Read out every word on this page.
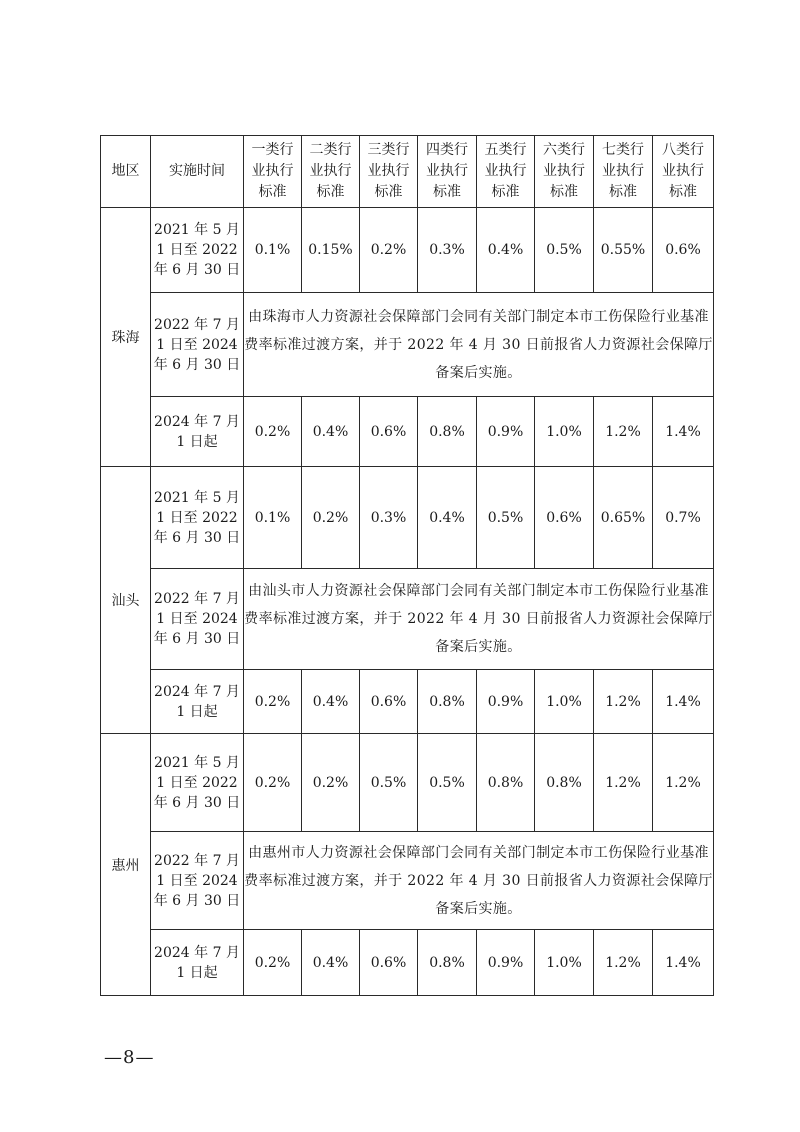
地区	实施时间	一类行
业执行
标准	二类行
业执行
标准	三类行
业执行
标准	四类行
业执行
标准	五类行
业执行
标准	六类行
业执行
标准	七类行
业执行
标准	八类行
业执行
标准
珠海	2021 年 5 月
1 日至 2022
年 6 月 30 日	0.1%	0.15%	0.2%	0.3%	0.4%	0.5%	0.55%	0.6%
	2022 年 7 月
1 日至 2024
年 6 月 30 日	由珠海市人力资源社会保障部门会同有关部门制定本市工伤保险行业基准费率标准过渡方案，并于 2022 年 4 月 30 日前报省人力资源社会保障厅备案后实施。							
	2024 年 7 月
1 日起	0.2%	0.4%	0.6%	0.8%	0.9%	1.0%	1.2%	1.4%
汕头	2021 年 5 月
1 日至 2022
年 6 月 30 日	0.1%	0.2%	0.3%	0.4%	0.5%	0.6%	0.65%	0.7%
	2022 年 7 月
1 日至 2024
年 6 月 30 日	由汕头市人力资源社会保障部门会同有关部门制定本市工伤保险行业基准费率标准过渡方案，并于 2022 年 4 月 30 日前报省人力资源社会保障厅备案后实施。							
	2024 年 7 月
1 日起	0.2%	0.4%	0.6%	0.8%	0.9%	1.0%	1.2%	1.4%
惠州	2021 年 5 月
1 日至 2022
年 6 月 30 日	0.2%	0.2%	0.5%	0.5%	0.8%	0.8%	1.2%	1.2%
	2022 年 7 月
1 日至 2024
年 6 月 30 日	由惠州市人力资源社会保障部门会同有关部门制定本市工伤保险行业基准费率标准过渡方案，并于 2022 年 4 月 30 日前报省人力资源社会保障厅备案后实施。							
	2024 年 7 月
1 日起	0.2%	0.4%	0.6%	0.8%	0.9%	1.0%	1.2%	1.4%
—8—
